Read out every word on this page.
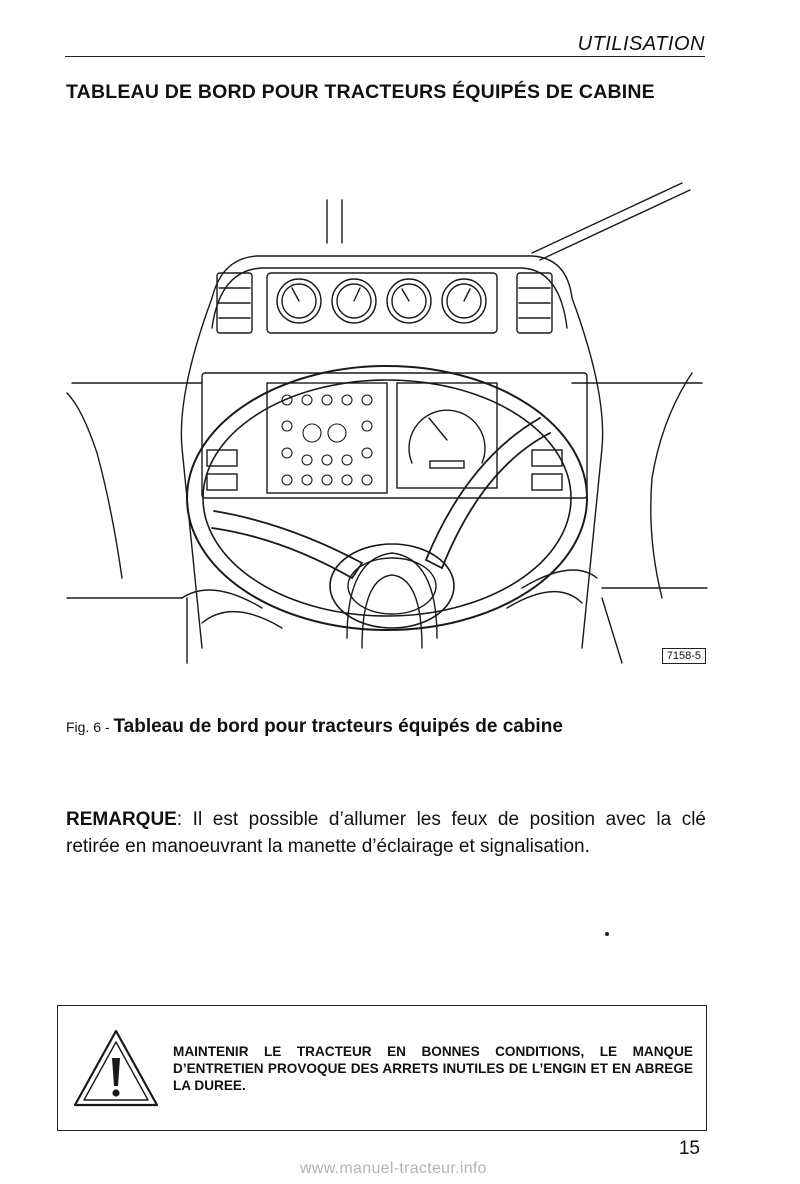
UTILISATION
TABLEAU DE BORD POUR TRACTEURS ÉQUIPÉS DE CABINE
7158-5
Fig. 6 - Tableau de bord pour tracteurs équipés de cabine

REMARQUE: Il est possible d’allumer les feux de position avec la clé retirée en manoeuvrant la manette d’éclairage et signalisation.

MAINTENIR LE TRACTEUR EN BONNES CONDITIONS, LE MANQUE D’ENTRETIEN PROVOQUE DES ARRETS INUTILES DE L’ENGIN ET EN ABREGE LA DUREE.

15
www.manuel-tracteur.info
